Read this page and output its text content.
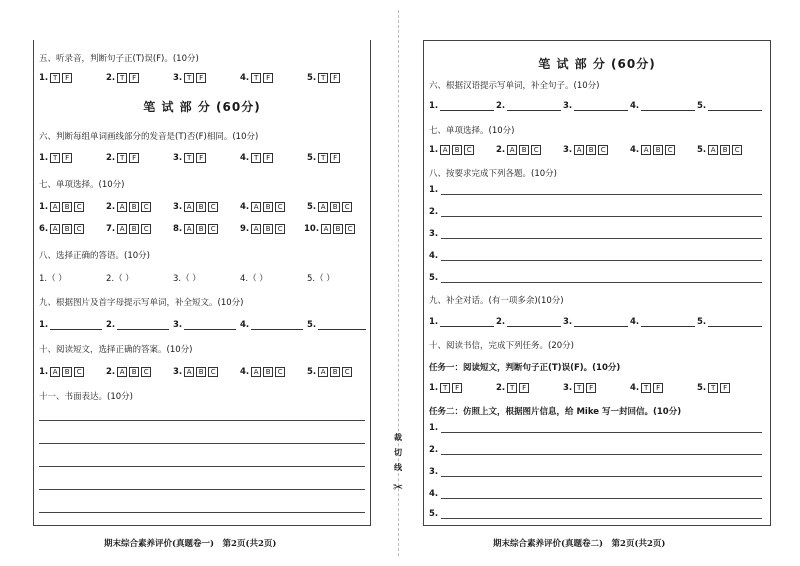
裁
切
线
✂
五、听录音，判断句子正(T)误(F)。(10分)
1. T	F	2. T	F	3. T	F	4. T	F	5. T	F
笔 试 部 分 (60分)
六、判断每组单词画线部分的发音是(T)否(F)相同。(10分)
1. T	F	2. T	F	3. T	F	4. T	F	5. T	F
七、单项选择。(10分)
1. A	B	C	2. A	B	C	3. A	B	C	4. A	B	C	5. A	B	C
6. A	B	C	7. A	B	C	8. A	B	C	9. A	B	C	10. A	B	C
八、选择正确的答语。(10分)
1.（ ）	2.（ ）	3.（ ）	4.（ ）	5.（ ）
九、根据图片及首字母提示写单词，补全短文。(10分)
1.	2.	3.	4.	5.
十、阅读短文，选择正确的答案。(10分)
1. A	B	C	2. A	B	C	3. A	B	C	4. A	B	C	5. A	B	C
十一、书面表达。(10分)
期末综合素养评价(真题卷一)　第2页(共2页)
笔 试 部 分 (60分)
六、根据汉语提示写单词，补全句子。(10分)
1.	2.	3.	4.	5.
七、单项选择。(10分)
1. A	B	C	2. A	B	C	3. A	B	C	4. A	B	C	5. A	B	C
八、按要求完成下列各题。(10分)
1.
2.
3.
4.
5.
九、补全对话。(有一项多余)(10分)
1.	2.	3.	4.	5.
十、阅读书信，完成下列任务。(20分)
任务一：阅读短文，判断句子正(T)误(F)。(10分)
1. T	F	2. T	F	3. T	F	4. T	F	5. T	F
任务二：仿照上文，根据图片信息，给 Mike 写一封回信。(10分)
1.
2.
3.
4.
5.
期末综合素养评价(真题卷二)　第2页(共2页)
